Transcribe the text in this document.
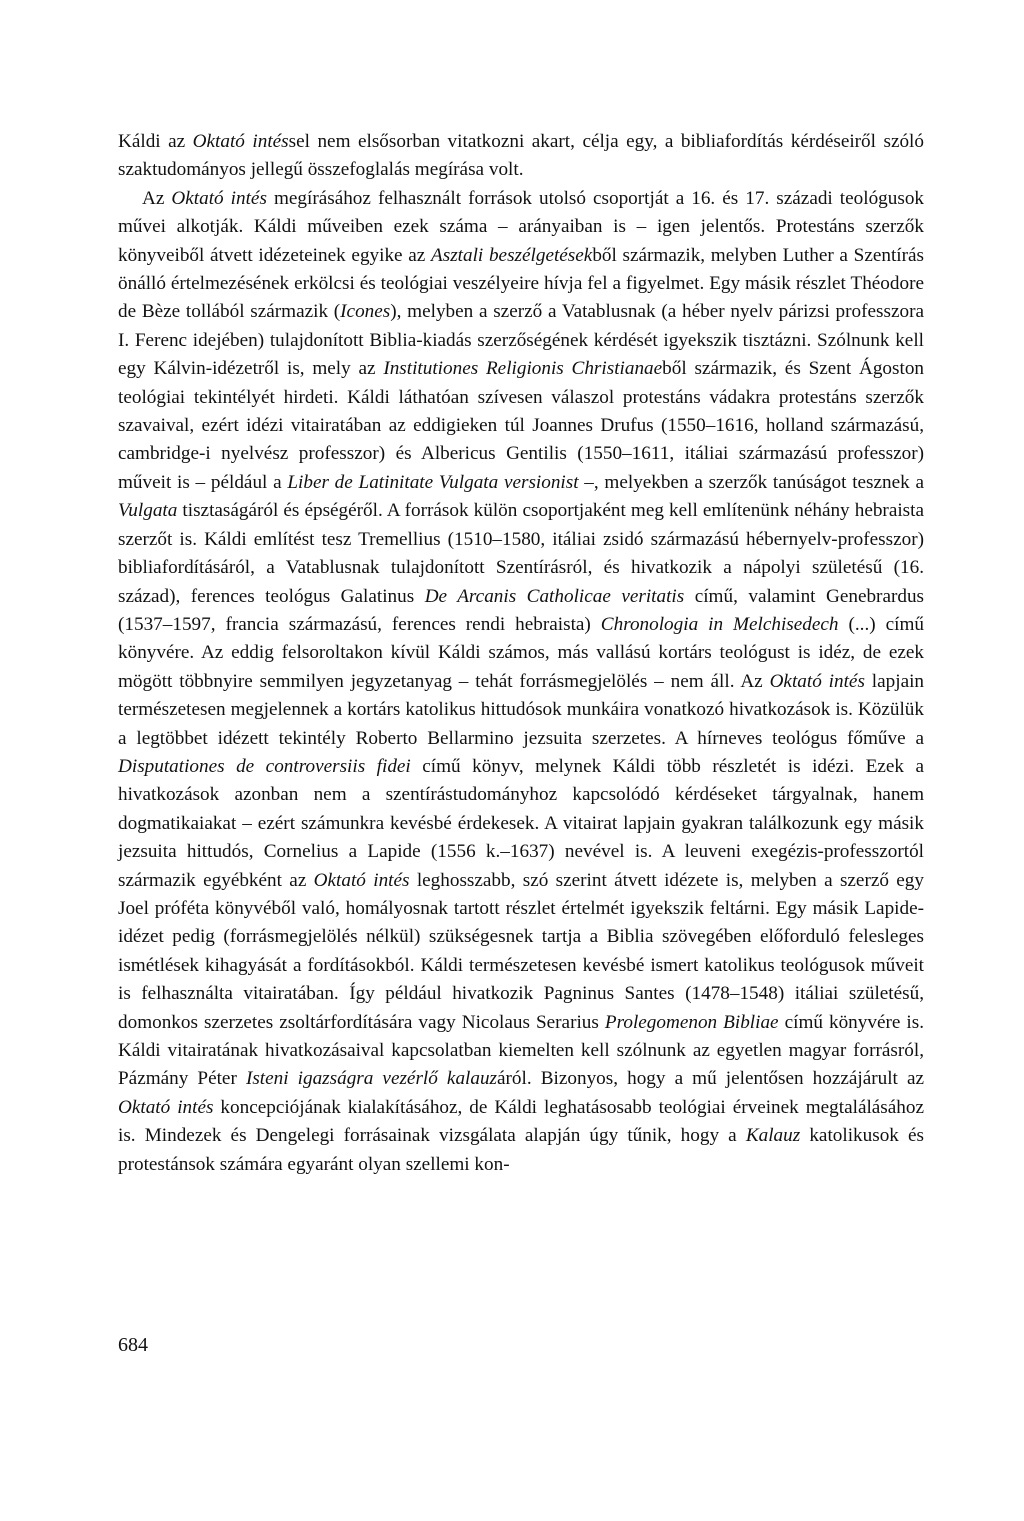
Káldi az Oktató intéssel nem elsősorban vitatkozni akart, célja egy, a bibliafordítás kérdéseiről szóló szaktudományos jellegű összefoglalás megírása volt.

Az Oktató intés megírásához felhasznált források utolsó csoportját a 16. és 17. századi teológusok művei alkotják. Káldi műveiben ezek száma – arányaiban is – igen jelentős. Protestáns szerzők könyveiből átvett idézeteinek egyike az Asztali beszélgetésekből származik, melyben Luther a Szentírás önálló értelmezésének erkölcsi és teológiai veszélyeire hívja fel a figyelmet. Egy másik részlet Théodore de Bèze tollából származik (Icones), melyben a szerző a Vatablusnak (a héber nyelv párizsi professzora I. Ferenc idejében) tulajdonított Biblia-kiadás szerzőségének kérdését igyekszik tisztázni. Szólnunk kell egy Kálvin-idézetről is, mely az Institutiones Religionis Christianaeből származik, és Szent Ágoston teológiai tekintélyét hirdeti. Káldi láthatóan szívesen válaszol protestáns vádakra protestáns szerzők szavaival, ezért idézi vitairatában az eddigieken túl Joannes Drufus (1550–1616, holland származású, cambridge-i nyelvész professzor) és Albericus Gentilis (1550–1611, itáliai származású professzor) műveit is – például a Liber de Latinitate Vulgata versionist –, melyekben a szerzők tanúságot tesznek a Vulgata tisztaságáról és épségéről. A források külön csoportjaként meg kell említenünk néhány hebraista szerzőt is. Káldi említést tesz Tremellius (1510–1580, itáliai zsidó származású hébernyelv-professzor) bibliafordításáról, a Vatablusnak tulajdonított Szentírásról, és hivatkozik a nápolyi születésű (16. század), ferences teológus Galatinus De Arcanis Catholicae veritatis című, valamint Genebrardus (1537–1597, francia származású, ferences rendi hebraista) Chronologia in Melchisedech (...) című könyvére. Az eddig felsoroltakon kívül Káldi számos, más vallású kortárs teológust is idéz, de ezek mögött többnyire semmilyen jegyzetanyag – tehát forrásmegjelölés – nem áll. Az Oktató intés lapjain természetesen megjelennek a kortárs katolikus hittudósok munkáira vonatkozó hivatkozások is. Közülük a legtöbbet idézett tekintély Roberto Bellarmino jezsuita szerzetes. A hírneves teológus főműve a Disputationes de controversiis fidei című könyv, melynek Káldi több részletét is idézi. Ezek a hivatkozások azonban nem a szentírástudományhoz kapcsolódó kérdéseket tárgyalnak, hanem dogmatikaiakat – ezért számunkra kevésbé érdekesek. A vitairat lapjain gyakran találkozunk egy másik jezsuita hittudós, Cornelius a Lapide (1556 k.–1637) nevével is. A leuveni exegézis-professzortól származik egyébként az Oktató intés leghosszabb, szó szerint átvett idézete is, melyben a szerző egy Joel próféta könyvéből való, homályosnak tartott részlet értelmét igyekszik feltárni. Egy másik Lapide-idézet pedig (forrásmegjelölés nélkül) szükségesnek tartja a Biblia szövegében előforduló felesleges ismétlések kihagyását a fordításokból. Káldi természetesen kevésbé ismert katolikus teológusok műveit is felhasználta vitairatában. Így például hivatkozik Pagninus Santes (1478–1548) itáliai születésű, domonkos szerzetes zsoltárfordítására vagy Nicolaus Serarius Prolegomenon Bibliae című könyvére is. Káldi vitairatának hivatkozásaival kapcsolatban kiemelten kell szólnunk az egyetlen magyar forrásról, Pázmány Péter Isteni igazságra vezérlő kalauzáról. Bizonyos, hogy a mű jelentősen hozzájárult az Oktató intés koncepciójának kialakításához, de Káldi leghatásosabb teológiai érveinek megtalálásához is. Mindezek és Dengelegi forrásainak vizsgálata alapján úgy tűnik, hogy a Kalauz katolikusok és protestánsok számára egyaránt olyan szellemi kon-

684
